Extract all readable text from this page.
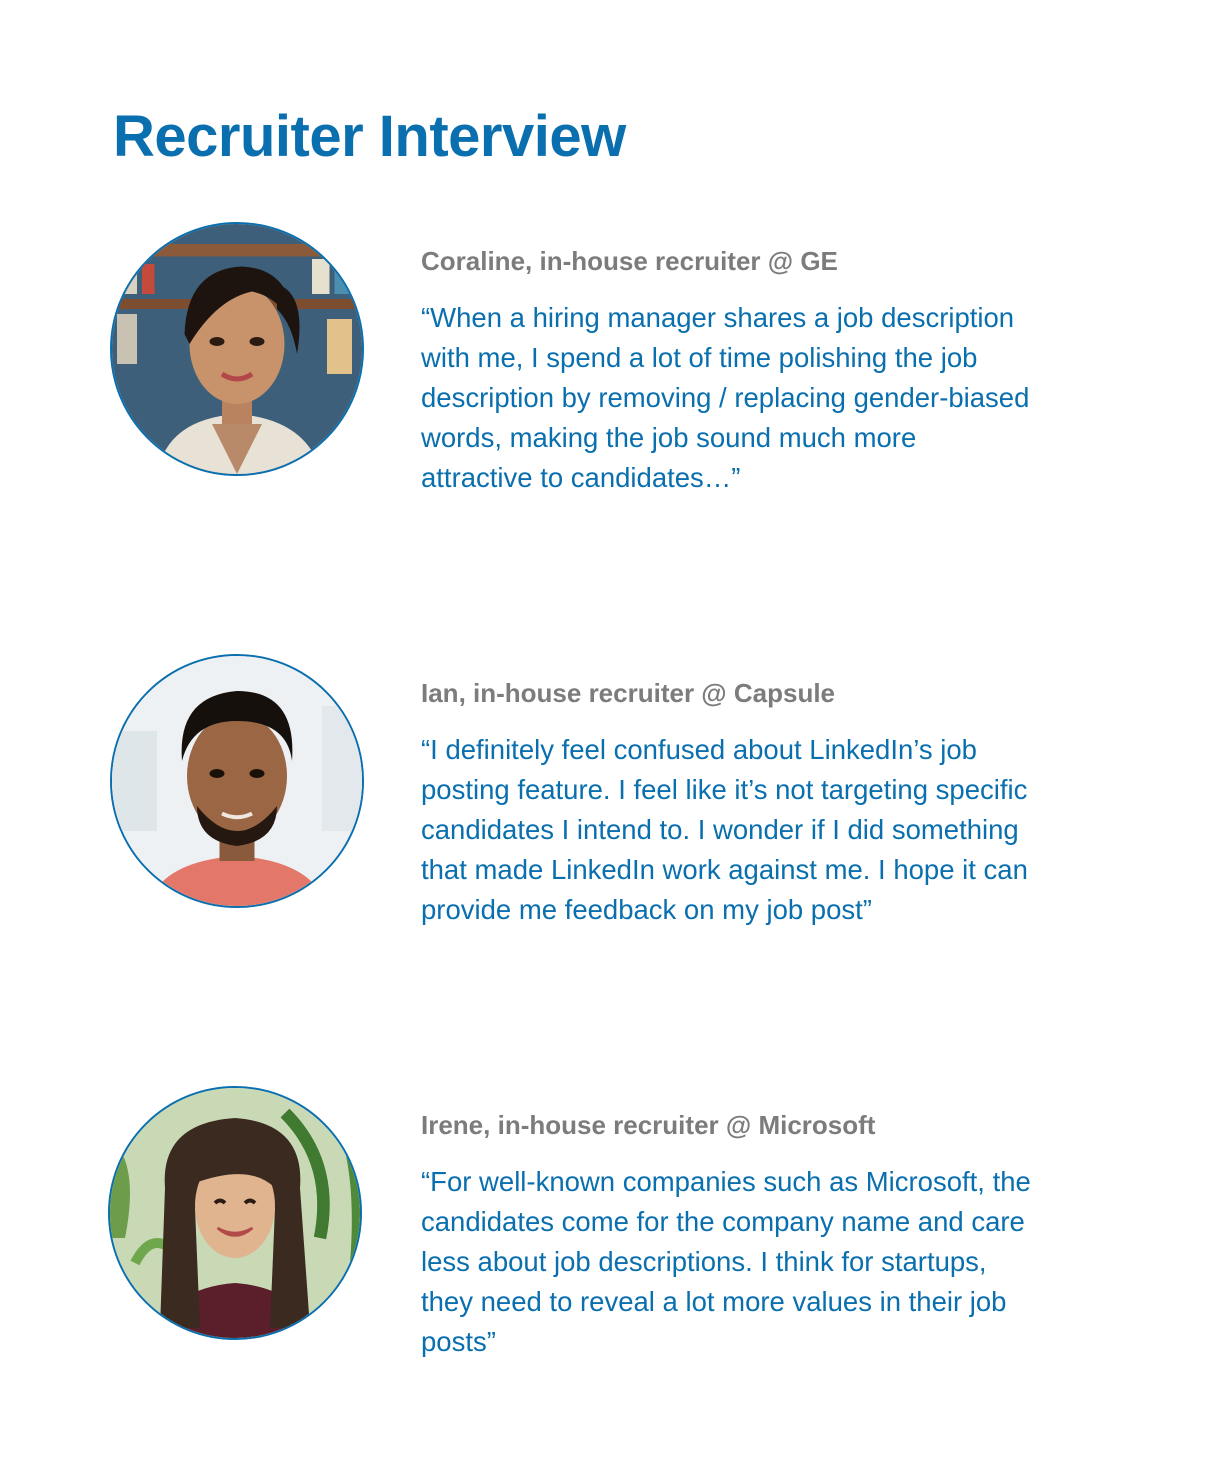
Recruiter Interview
Coraline, in-house recruiter @ GE

“When a hiring manager shares a job description
with me, I spend a lot of time polishing the job
description by removing / replacing gender-biased
words, making the job sound much more
attractive to candidates…”

Ian, in-house recruiter @ Capsule

“I definitely feel confused about LinkedIn’s job
posting feature. I feel like it’s not targeting specific
candidates I intend to. I wonder if I did something
that made LinkedIn work against me. I hope it can
provide me feedback on my job post”

Irene, in-house recruiter @ Microsoft

“For well-known companies such as Microsoft, the
candidates come for the company name and care
less about job descriptions. I think for startups,
they need to reveal a lot more values in their job
posts”
